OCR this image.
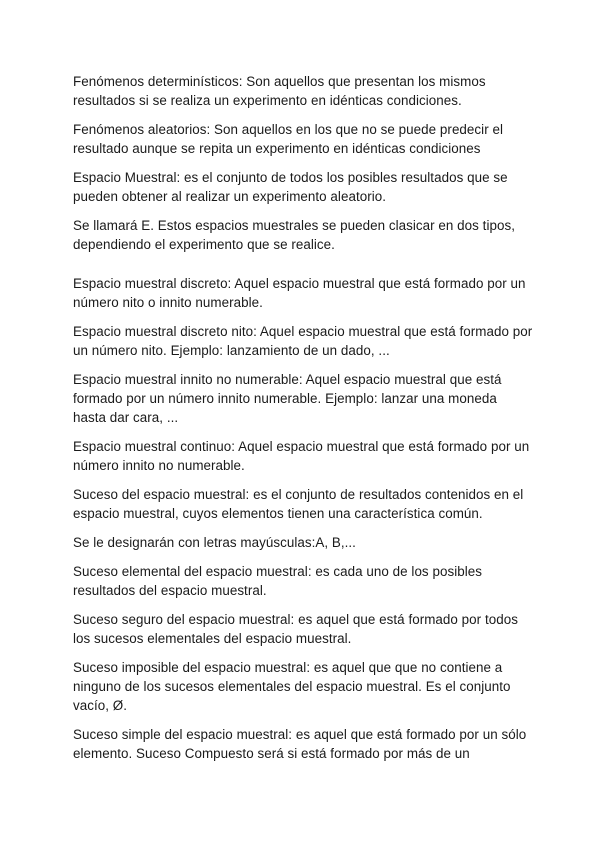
Fenómenos determinísticos: Son aquellos que presentan los mismos resultados si se realiza un experimento en idénticas condiciones.

Fenómenos aleatorios: Son aquellos en los que no se puede predecir el resultado aunque se repita un experimento en idénticas condiciones

Espacio Muestral: es el conjunto de todos los posibles resultados que se pueden obtener al realizar un experimento aleatorio.

Se llamará E. Estos espacios muestrales se pueden clasicar en dos tipos, dependiendo el experimento que se realice.

Espacio muestral discreto: Aquel espacio muestral que está formado por un número nito o innito numerable.

Espacio muestral discreto nito: Aquel espacio muestral que está formado por un número nito. Ejemplo: lanzamiento de un dado, ...

Espacio muestral innito no numerable: Aquel espacio muestral que está formado por un número innito numerable. Ejemplo: lanzar una moneda hasta dar cara, ...

Espacio muestral continuo: Aquel espacio muestral que está formado por un número innito no numerable.

Suceso del espacio muestral: es el conjunto de resultados contenidos en el espacio muestral, cuyos elementos tienen una característica común.

Se le designarán con letras mayúsculas:A, B,...

Suceso elemental del espacio muestral: es cada uno de los posibles resultados del espacio muestral.

Suceso seguro del espacio muestral: es aquel que está formado por todos los sucesos elementales del espacio muestral.

Suceso imposible del espacio muestral: es aquel que que no contiene a ninguno de los sucesos elementales del espacio muestral. Es el conjunto vacío, Ø.

Suceso simple del espacio muestral: es aquel que está formado por un sólo elemento. Suceso Compuesto será si está formado por más de un
